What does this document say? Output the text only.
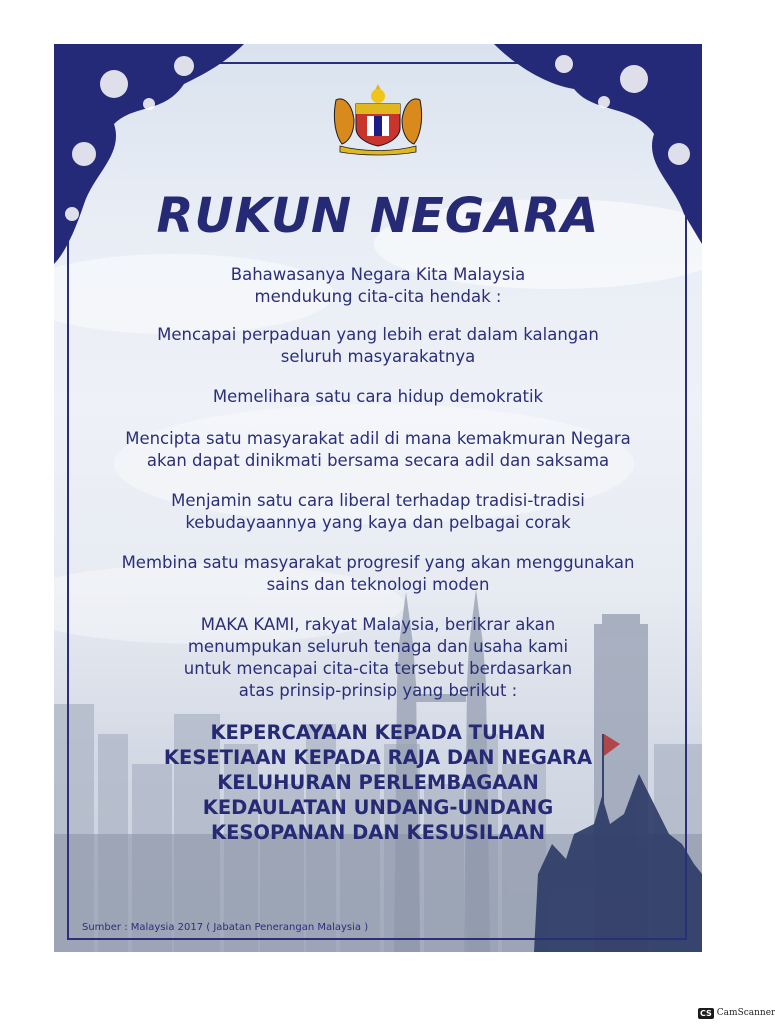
RUKUN NEGARA
Bahawasanya Negara Kita Malaysia
mendukung cita-cita hendak :
Mencapai perpaduan yang lebih erat dalam kalangan
seluruh masyarakatnya
Memelihara satu cara hidup demokratik
Mencipta satu masyarakat adil di mana kemakmuran Negara
akan dapat dinikmati bersama secara adil dan saksama
Menjamin satu cara liberal terhadap tradisi-tradisi
kebudayaannya yang kaya dan pelbagai corak
Membina satu masyarakat progresif yang akan menggunakan
sains dan teknologi moden
MAKA KAMI, rakyat Malaysia, berikrar akan
menumpukan seluruh tenaga dan usaha kami
untuk mencapai cita-cita tersebut berdasarkan
atas prinsip-prinsip yang berikut :
KEPERCAYAAN KEPADA TUHAN
KESETIAAN KEPADA RAJA DAN NEGARA
KELUHURAN PERLEMBAGAAN
KEDAULATAN UNDANG-UNDANG
KESOPANAN DAN KESUSILAAN
Sumber : Malaysia 2017 ( Jabatan Penerangan Malaysia )
CS CamScanner
